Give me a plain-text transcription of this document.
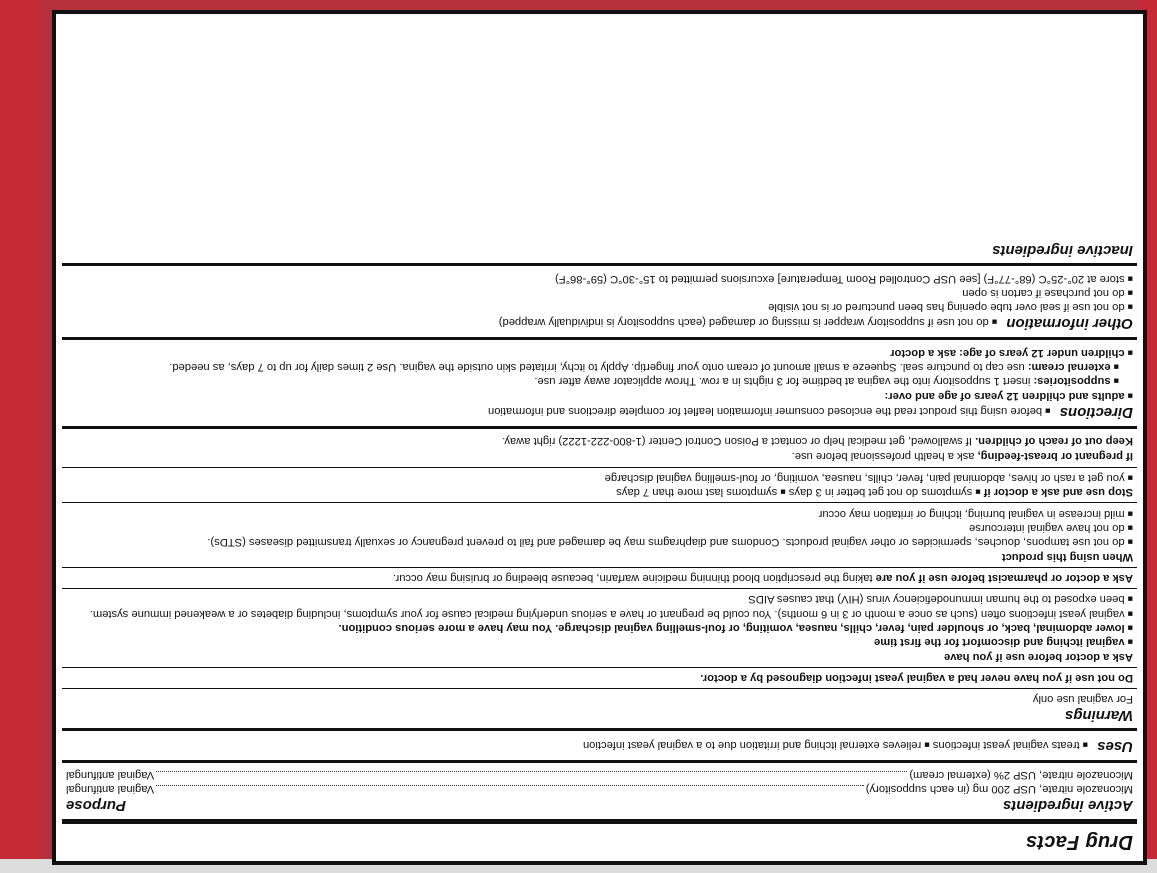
Drug Facts
Active ingredients
Purpose
Miconazole nitrate, USP 200 mg (in each suppository)
Vaginal antifungal
Miconazole nitrate, USP 2% (external cream)
Vaginal antifungal
Uses ■treats vaginal yeast infections ■relieves external itching and irritation due to a vaginal yeast infection
Warnings
For vaginal use only
Do not use if you have never had a vaginal yeast infection diagnosed by a doctor.
Ask a doctor before use if you have
■vaginal itching and discomfort for the first time
■lower abdominal, back, or shoulder pain, fever, chills, nausea, vomiting, or foul-smelling vaginal discharge. You may have a more serious condition.
■vaginal yeast infections often (such as once a month or 3 in 6 months). You could be pregnant or have a serious underlying medical cause for your symptoms, including diabetes or a weakened immune system.
■been exposed to the human immunodeficiency virus (HIV) that causes AIDS
Ask a doctor or pharmacist before use if you are taking the prescription blood thinning medicine warfarin, because bleeding or bruising may occur.
When using this product
■do not use tampons, douches, spermicides or other vaginal products. Condoms and diaphragms may be damaged and fail to prevent pregnancy or sexually transmitted diseases (STDs).
■do not have vaginal intercourse
■mild increase in vaginal burning, itching or irritation may occur
Stop use and ask a doctor if ■symptoms do not get better in 3 days ■symptoms last more than 7 days
■you get a rash or hives, abdominal pain, fever, chills, nausea, vomiting, or foul-smelling vaginal discharge
If pregnant or breast-feeding, ask a health professional before use.
Keep out of reach of children. If swallowed, get medical help or contact a Poison Control Center (1-800-222-1222) right away.
Directions ■before using this product read the enclosed consumer information leaflet for complete directions and information
■adults and children 12 years of age and over:
■suppositories: insert 1 suppository into the vagina at bedtime for 3 nights in a row. Throw applicator away after use.
■external cream: use cap to puncture seal. Squeeze a small amount of cream onto your fingertip. Apply to itchy, irritated skin outside the vagina. Use 2 times daily for up to 7 days, as needed.
■children under 12 years of age: ask a doctor
Other information ■do not use if suppository wrapper is missing or damaged (each suppository is individually wrapped)
■do not use if seal over tube opening has been punctured or is not visible
■do not purchase if carton is open
■store at 20°-25°C (68°-77°F) [see USP Controlled Room Temperature] excursions permitted to 15°-30°C (59°-86°F)
Inactive ingredients
